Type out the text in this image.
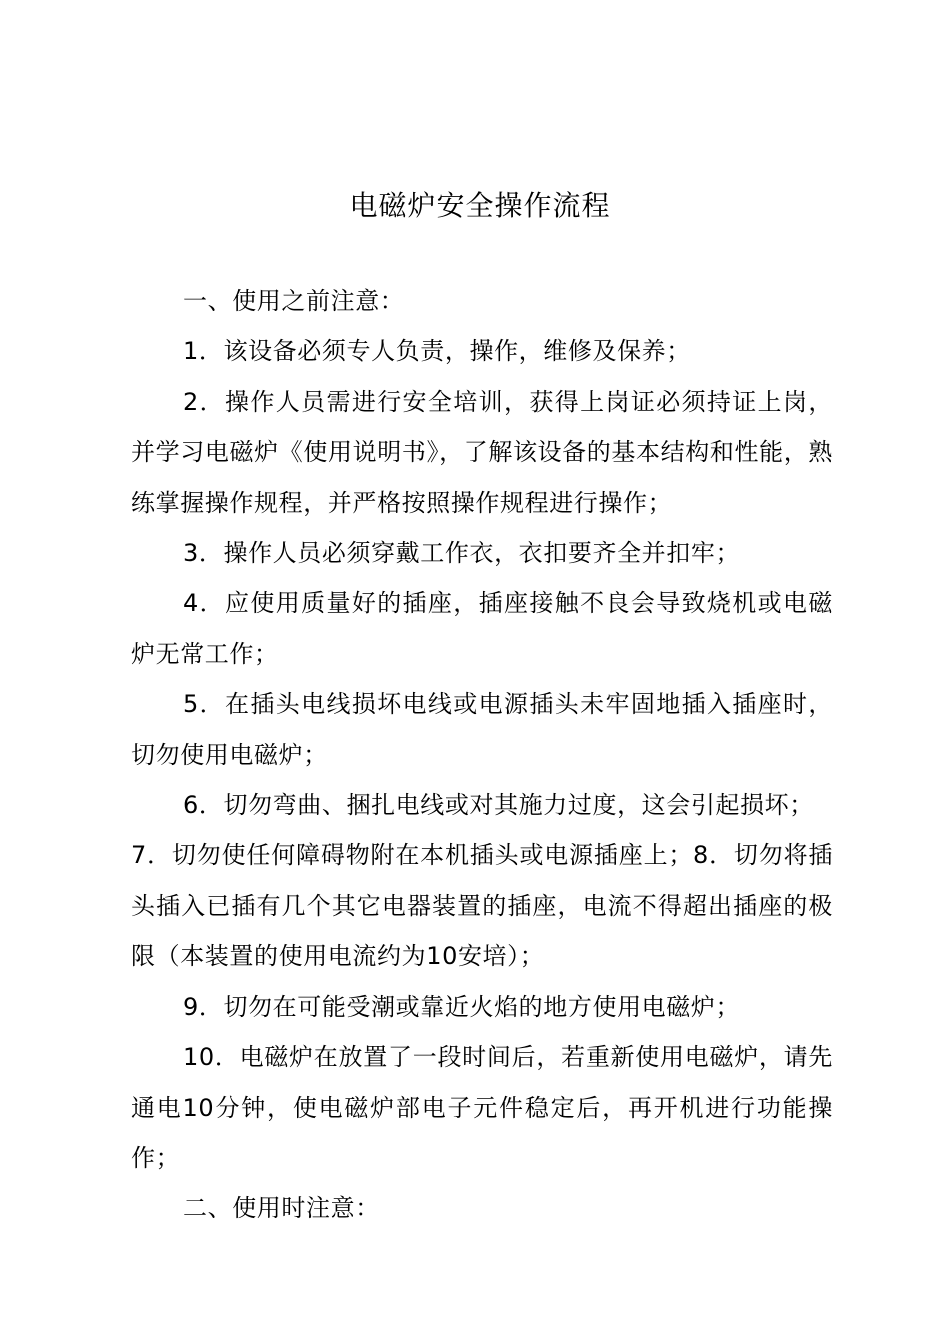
电磁炉安全操作流程

一、使用之前注意：

1．该设备必须专人负责，操作，维修及保养；

2．操作人员需进行安全培训，获得上岗证必须持证上岗，并学习电磁炉《使用说明书》，了解该设备的基本结构和性能，熟练掌握操作规程，并严格按照操作规程进行操作；

3．操作人员必须穿戴工作衣，衣扣要齐全并扣牢；

4．应使用质量好的插座，插座接触不良会导致烧机或电磁炉无常工作；

5．在插头电线损坏电线或电源插头未牢固地插入插座时，切勿使用电磁炉；

6．切勿弯曲、捆扎电线或对其施力过度，这会引起损坏；

7．切勿使任何障碍物附在本机插头或电源插座上；8．切勿将插头插入已插有几个其它电器装置的插座，电流不得超出插座的极限（本装置的使用电流约为10安培）；

9．切勿在可能受潮或靠近火焰的地方使用电磁炉；

10．电磁炉在放置了一段时间后，若重新使用电磁炉，请先通电10分钟，使电磁炉部电子元件稳定后，再开机进行功能操作；

二、使用时注意：
